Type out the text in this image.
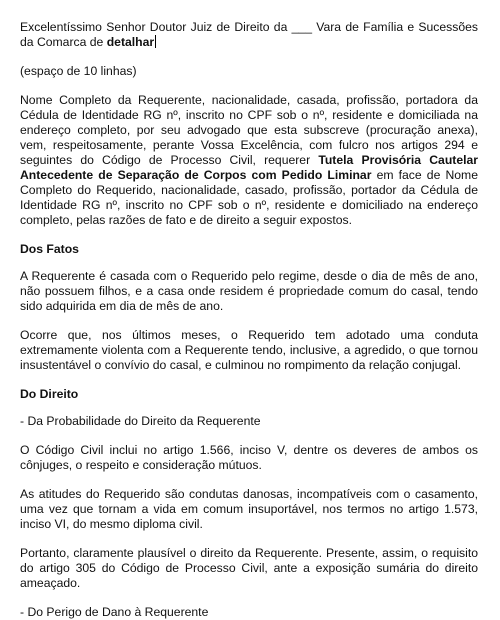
Excelentíssimo Senhor Doutor Juiz de Direito da ___ Vara de Família e Sucessões da Comarca de detalhar

(espaço de 10 linhas)

Nome Completo da Requerente, nacionalidade, casada, profissão, portadora da Cédula de Identidade RG nº, inscrito no CPF sob o nº, residente e domiciliada na endereço completo, por seu advogado que esta subscreve (procuração anexa), vem, respeitosamente, perante Vossa Excelência, com fulcro nos artigos 294 e seguintes do Código de Processo Civil, requerer Tutela Provisória Cautelar Antecedente de Separação de Corpos com Pedido Liminar em face de Nome Completo do Requerido, nacionalidade, casado, profissão, portador da Cédula de Identidade RG nº, inscrito no CPF sob o nº, residente e domiciliado na endereço completo, pelas razões de fato e de direito a seguir expostos.

Dos Fatos

A Requerente é casada com o Requerido pelo regime, desde o dia de mês de ano, não possuem filhos, e a casa onde residem é propriedade comum do casal, tendo sido adquirida em dia de mês de ano.

Ocorre que, nos últimos meses, o Requerido tem adotado uma conduta extremamente violenta com a Requerente tendo, inclusive, a agredido, o que tornou insustentável o convívio do casal, e culminou no rompimento da relação conjugal.

Do Direito

- Da Probabilidade do Direito da Requerente

O Código Civil inclui no artigo 1.566, inciso V, dentre os deveres de ambos os cônjuges, o respeito e consideração mútuos.

As atitudes do Requerido são condutas danosas, incompatíveis com o casamento, uma vez que tornam a vida em comum insuportável, nos termos no artigo 1.573, inciso VI, do mesmo diploma civil.

Portanto, claramente plausível o direito da Requerente. Presente, assim, o requisito do artigo 305 do Código de Processo Civil, ante a exposição sumária do direito ameaçado.

- Do Perigo de Dano à Requerente
